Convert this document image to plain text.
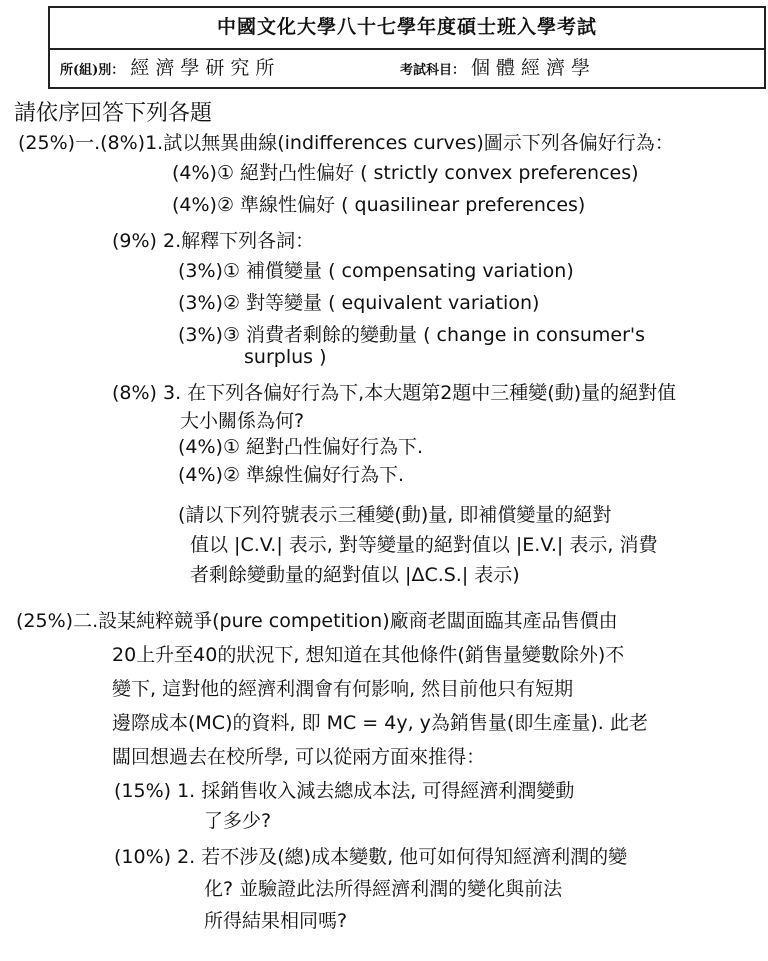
中國文化大學八十七學年度碩士班入學考試
所(組)別： 經濟學研究所	考試科目： 個體經濟學
請依序回答下列各題
(25%)一.(8%)1.試以無異曲線(indifferences curves)圖示下列各偏好行為：
(4%)① 絕對凸性偏好 ( strictly convex preferences)
(4%)② 準線性偏好 ( quasilinear preferences)
(9%) 2.解釋下列各詞：
(3%)① 補償變量 ( compensating variation)
(3%)② 對等變量 ( equivalent variation)
(3%)③ 消費者剩餘的變動量 ( change in consumer's
surplus )
(8%) 3. 在下列各偏好行為下,本大題第2題中三種變(動)量的絕對值
大小關係為何?
(4%)① 絕對凸性偏好行為下.
(4%)② 準線性偏好行為下.
(請以下列符號表示三種變(動)量, 即補償變量的絕對
值以 |C.V.| 表示, 對等變量的絕對值以 |E.V.| 表示, 消費
者剩餘變動量的絕對值以 |ΔC.S.| 表示)
(25%)二.設某純粹競爭(pure competition)廠商老闆面臨其產品售價由
20上升至40的狀況下, 想知道在其他條件(銷售量變數除外)不
變下, 這對他的經濟利潤會有何影响, 然目前他只有短期
邊際成本(MC)的資料, 即 MC = 4y, y為銷售量(即生產量). 此老
闆回想過去在校所學, 可以從兩方面來推得：
(15%) 1. 採銷售收入減去總成本法, 可得經濟利潤變動
了多少?
(10%) 2. 若不涉及(總)成本變數, 他可如何得知經濟利潤的變
化? 並驗證此法所得經濟利潤的變化與前法
所得結果相同嗎?
